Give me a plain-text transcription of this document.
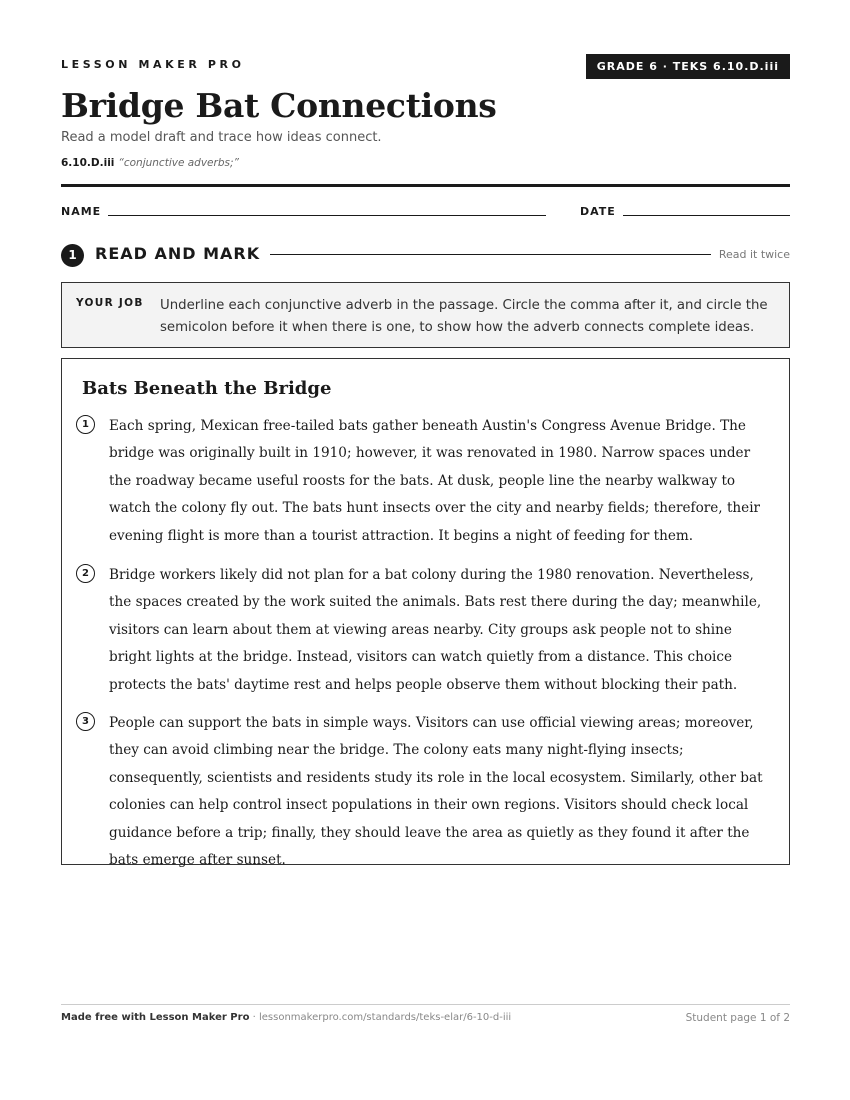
LESSON MAKER PRO	GRADE 6 · TEKS 6.10.D.iii
Bridge Bat Connections
Read a model draft and trace how ideas connect.
6.10.D.iii “conjunctive adverbs;”
NAME	DATE
1	READ AND MARK	Read it twice
YOUR JOB Underline each conjunctive adverb in the passage. Circle the comma after it, and circle the semicolon before it when there is one, to show how the adverb connects complete ideas.
Bats Beneath the Bridge
1	Each spring, Mexican free-tailed bats gather beneath Austin's Congress Avenue Bridge. The bridge was originally built in 1910; however, it was renovated in 1980. Narrow spaces under the roadway became useful roosts for the bats. At dusk, people line the nearby walkway to watch the colony fly out. The bats hunt insects over the city and nearby fields; therefore, their evening flight is more than a tourist attraction. It begins a night of feeding for them.

2	Bridge workers likely did not plan for a bat colony during the 1980 renovation. Nevertheless, the spaces created by the work suited the animals. Bats rest there during the day; meanwhile, visitors can learn about them at viewing areas nearby. City groups ask people not to shine bright lights at the bridge. Instead, visitors can watch quietly from a distance. This choice protects the bats' daytime rest and helps people observe them without blocking their path.

3	People can support the bats in simple ways. Visitors can use official viewing areas; moreover, they can avoid climbing near the bridge. The colony eats many night-flying insects; consequently, scientists and residents study its role in the local ecosystem. Similarly, other bat colonies can help control insect populations in their own regions. Visitors should check local guidance before a trip; finally, they should leave the area as quietly as they found it after the bats emerge after sunset.

Made free with Lesson Maker Pro · lessonmakerpro.com/standards/teks-elar/6-10-d-iii	Student page 1 of 2
